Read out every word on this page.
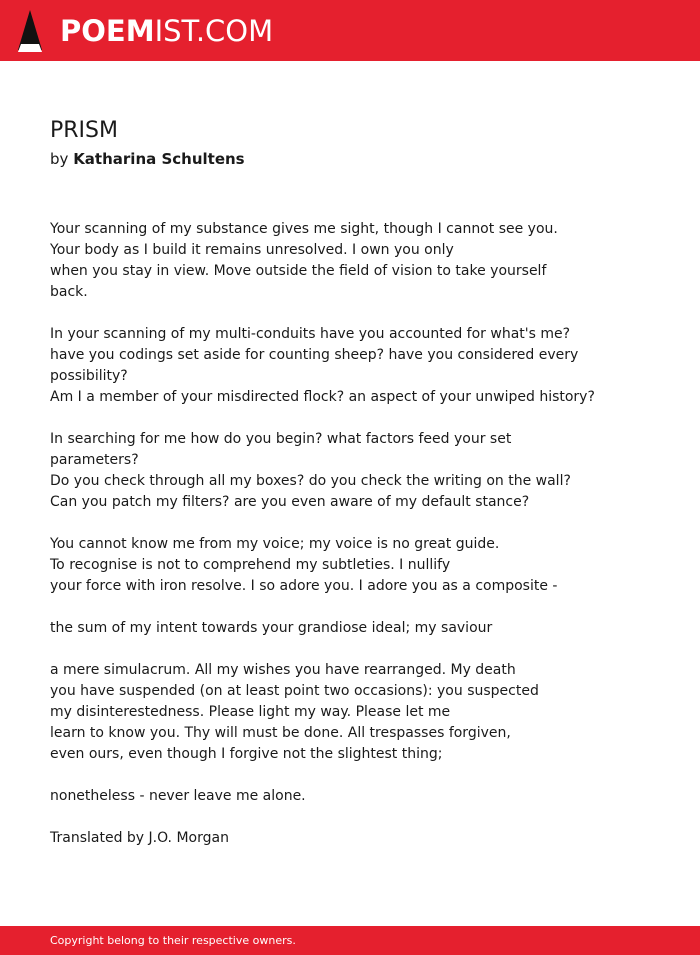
POEMIST.COM
PRISM
by Katharina Schultens
Your scanning of my substance gives me sight, though I cannot see you.
Your body as I build it remains unresolved. I own you only
when you stay in view. Move outside the field of vision to take yourself
back.
In your scanning of my multi-conduits have you accounted for what's me?
have you codings set aside for counting sheep? have you considered every
possibility?
Am I a member of your misdirected flock? an aspect of your unwiped history?
In searching for me how do you begin? what factors feed your set
parameters?
Do you check through all my boxes? do you check the writing on the wall?
Can you patch my filters? are you even aware of my default stance?
You cannot know me from my voice; my voice is no great guide.
To recognise is not to comprehend my subtleties. I nullify
your force with iron resolve. I so adore you. I adore you as a composite -
the sum of my intent towards your grandiose ideal; my saviour
a mere simulacrum. All my wishes you have rearranged. My death
you have suspended (on at least point two occasions): you suspected
my disinterestedness. Please light my way. Please let me
learn to know you. Thy will must be done. All trespasses forgiven,
even ours, even though I forgive not the slightest thing;
nonetheless - never leave me alone.
Translated by J.O. Morgan
Copyright belong to their respective owners.
